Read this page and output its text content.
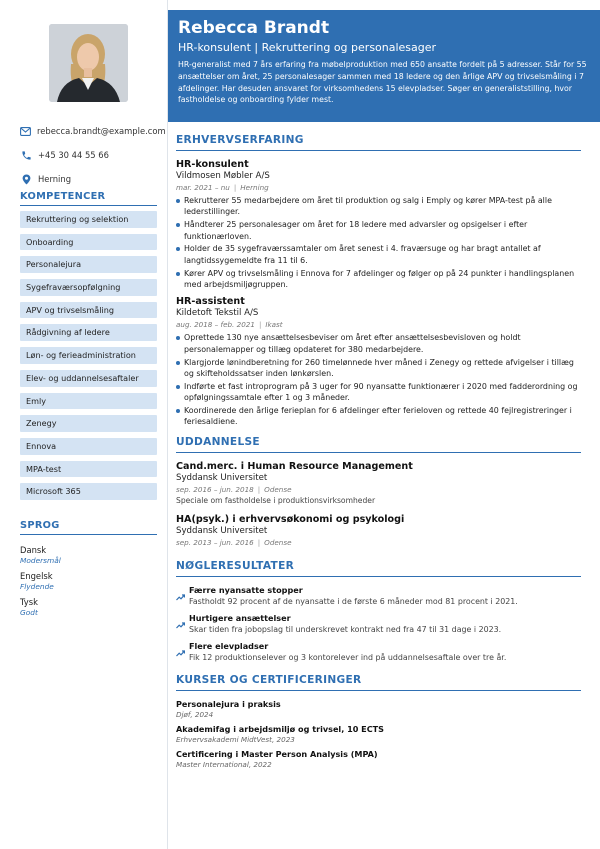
rebecca.brandt@example.com
+45 30 44 55 66
Herning
KOMPETENCER
Rekruttering og selektion
Onboarding
Personalejura
Sygefraværsopfølgning
APV og trivselsmåling
Rådgivning af ledere
Løn- og ferieadministration
Elev- og uddannelsesaftaler
Emly
Zenegy
Ennova
MPA-test
Microsoft 365
SPROG
Dansk
Modersmål
Engelsk
Flydende
Tysk
Godt
Rebecca Brandt
HR-konsulent | Rekruttering og personalesager
HR-generalist med 7 års erfaring fra møbelproduktion med 650 ansatte fordelt på 5 adresser. Står for 55 ansættelser om året, 25 personalesager sammen med 18 ledere og den årlige APV og trivselsmåling i 7 afdelinger. Har desuden ansvaret for virksomhedens 15 elevpladser. Søger en generaliststilling, hvor fastholdelse og onboarding fylder mest.
ERHVERVSERFARING
HR-konsulent
Vildmosen Møbler A/S
mar. 2021 – nu | Herning
Rekrutterer 55 medarbejdere om året til produktion og salg i Emply og kører MPA-test på alle lederstillinger.
Håndterer 25 personalesager om året for 18 ledere med advarsler og opsigelser i efter funktionærloven.
Holder de 35 sygefraværssamtaler om året senest i 4. fraværsuge og har bragt antallet af langtidssygemeldte fra 11 til 6.
Kører APV og trivselsmåling i Ennova for 7 afdelinger og følger op på 24 punkter i handlingsplanen med arbejdsmiljøgruppen.
HR-assistent
Kildetoft Tekstil A/S
aug. 2018 – feb. 2021 | Ikast
Oprettede 130 nye ansættelsesbeviser om året efter ansættelsesbevisloven og holdt personalemapper og tillæg opdateret for 380 medarbejdere.
Klargjorde lønindberetning for 260 timelønnede hver måned i Zenegy og rettede afvigelser i tillæg og skifteholdssatser inden lønkørslen.
Indførte et fast introprogram på 3 uger for 90 nyansatte funktionærer i 2020 med fadderordning og opfølgningssamtale efter 1 og 3 måneder.
Koordinerede den årlige ferieplan for 6 afdelinger efter ferieloven og rettede 40 fejlregistreringer i feriesaldiene.
UDDANNELSE
Cand.merc. i Human Resource Management
Syddansk Universitet
sep. 2016 – jun. 2018 | Odense
Speciale om fastholdelse i produktionsvirksomheder
HA(psyk.) i erhvervsøkonomi og psykologi
Syddansk Universitet
sep. 2013 – jun. 2016 | Odense
NØGLERESULTATER
Færre nyansatte stopper
Fastholdt 92 procent af de nyansatte i de første 6 måneder mod 81 procent i 2021.
Hurtigere ansættelser
Skar tiden fra jobopslag til underskrevet kontrakt ned fra 47 til 31 dage i 2023.
Flere elevpladser
Fik 12 produktionselever og 3 kontorelever ind på uddannelsesaftale over tre år.
KURSER OG CERTIFICERINGER
Personalejura i praksis
Djøf, 2024
Akademifag i arbejdsmiljø og trivsel, 10 ECTS
Erhvervsakademi MidtVest, 2023
Certificering i Master Person Analysis (MPA)
Master International, 2022
